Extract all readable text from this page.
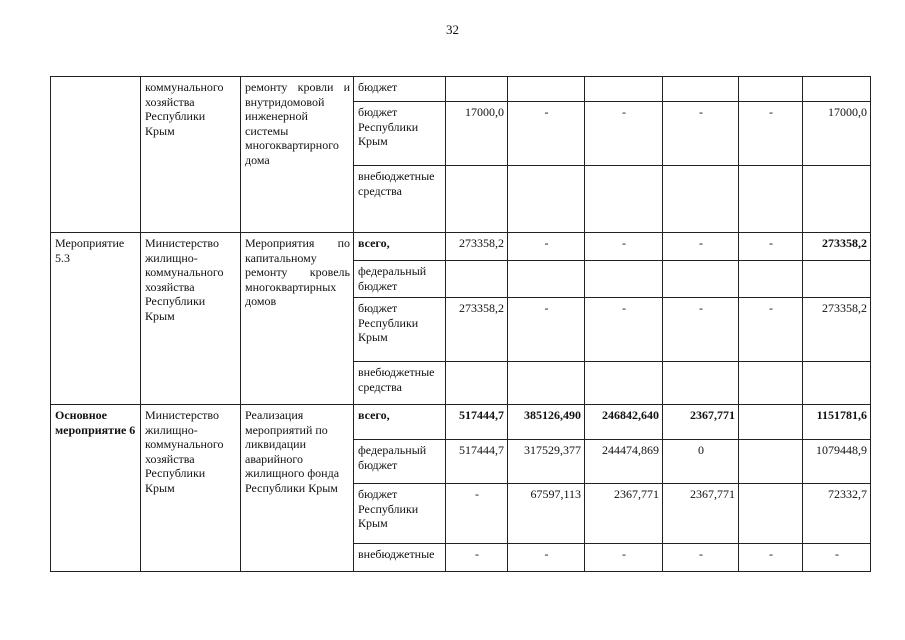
32
	коммунального хозяйства Республики Крым	ремонту кровли и внутридомовой инженерной системы многоквартирного дома	бюджет						
			бюджет Республики Крым	17000,0	-	-	-	-	17000,0
			внебюджетные средства						
Мероприятие 5.3	Министерство жилищно-коммунального хозяйства Республики Крым	Мероприятия по капитальному ремонту кровель многоквартирных домов	всего,	273358,2	-	-	-	-	273358,2
			федеральный бюджет						
			бюджет Республики Крым	273358,2	-	-	-	-	273358,2
			внебюджетные средства						
Основное мероприятие 6	Министерство жилищно-коммунального хозяйства Республики Крым	Реализация мероприятий по ликвидации аварийного жилищного фонда Республики Крым	всего,	517444,7	385126,490	246842,640	2367,771		1151781,6
			федеральный бюджет	517444,7	317529,377	244474,869	0		1079448,9
			бюджет Республики Крым	-	67597,113	2367,771	2367,771		72332,7
			внебюджетные	-	-	-	-	-	-
